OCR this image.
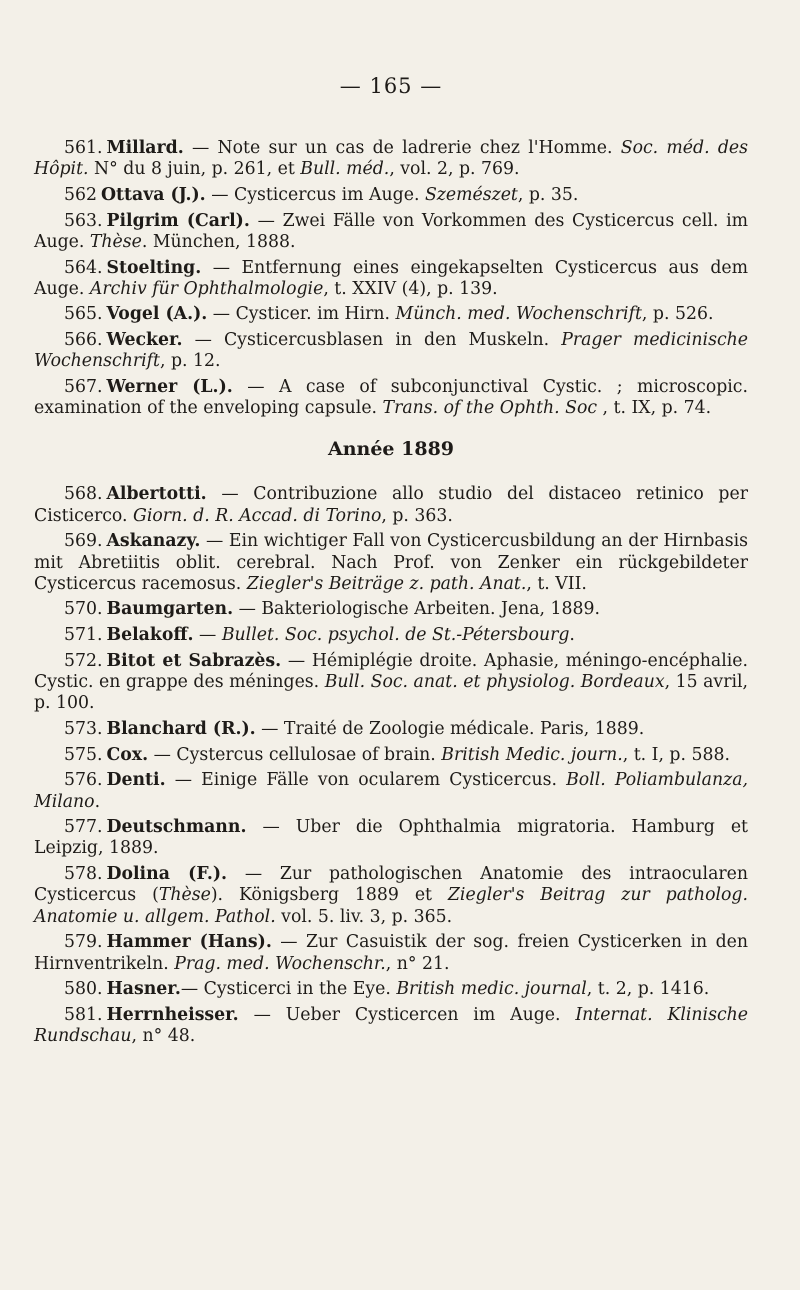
— 165 —

561. Millard. — Note sur un cas de ladrerie chez l'Homme. Soc. méd. des Hôpit. N° du 8 juin, p. 261, et Bull. méd., vol. 2, p. 769.

562 Ottava (J.). — Cysticercus im Auge. Szemészet, p. 35.

563. Pilgrim (Carl). — Zwei Fälle von Vorkommen des Cysticercus cell. im Auge. Thèse. München, 1888.

564. Stoelting. — Entfernung eines eingekapselten Cysticercus aus dem Auge. Archiv für Ophthalmologie, t. XXIV (4), p. 139.

565. Vogel (A.). — Cysticer. im Hirn. Münch. med. Wochenschrift, p. 526.

566. Wecker. — Cysticercusblasen in den Muskeln. Prager medicinische Wochenschrift, p. 12.

567. Werner (L.). — A case of subconjunctival Cystic. ; microscopic. examination of the enveloping capsule. Trans. of the Ophth. Soc , t. IX, p. 74.

Année 1889

568. Albertotti. — Contribuzione allo studio del distaceo retinico per Cisticerco. Giorn. d. R. Accad. di Torino, p. 363.

569. Askanazy. — Ein wichtiger Fall von Cysticercusbildung an der Hirnbasis mit Abretiitis oblit. cerebral. Nach Prof. von Zenker ein rückgebildeter Cysticercus racemosus. Ziegler's Beiträge z. path. Anat., t. VII.

570. Baumgarten. — Bakteriologische Arbeiten. Jena, 1889.

571. Belakoff. — Bullet. Soc. psychol. de St.-Pétersbourg.

572. Bitot et Sabrazès. — Hémiplégie droite. Aphasie, méningo-encéphalie. Cystic. en grappe des méninges. Bull. Soc. anat. et physiolog. Bordeaux, 15 avril, p. 100.

573. Blanchard (R.). — Traité de Zoologie médicale. Paris, 1889.

575. Cox. — Cystercus cellulosae of brain. British Medic. journ., t. I, p. 588.

576. Denti. — Einige Fälle von ocularem Cysticercus. Boll. Poliambulanza, Milano.

577. Deutschmann. — Uber die Ophthalmia migratoria. Hamburg et Leipzig, 1889.

578. Dolina (F.). — Zur pathologischen Anatomie des intraocularen Cysticercus (Thèse). Königsberg 1889 et Ziegler's Beitrag zur patholog. Anatomie u. allgem. Pathol. vol. 5. liv. 3, p. 365.

579. Hammer (Hans). — Zur Casuistik der sog. freien Cysticerken in den Hirnventrikeln. Prag. med. Wochenschr., n° 21.

580. Hasner.— Cysticerci in the Eye. British medic. journal, t. 2, p. 1416.

581. Herrnheisser. — Ueber Cysticercen im Auge. Internat. Klinische Rundschau, n° 48.
